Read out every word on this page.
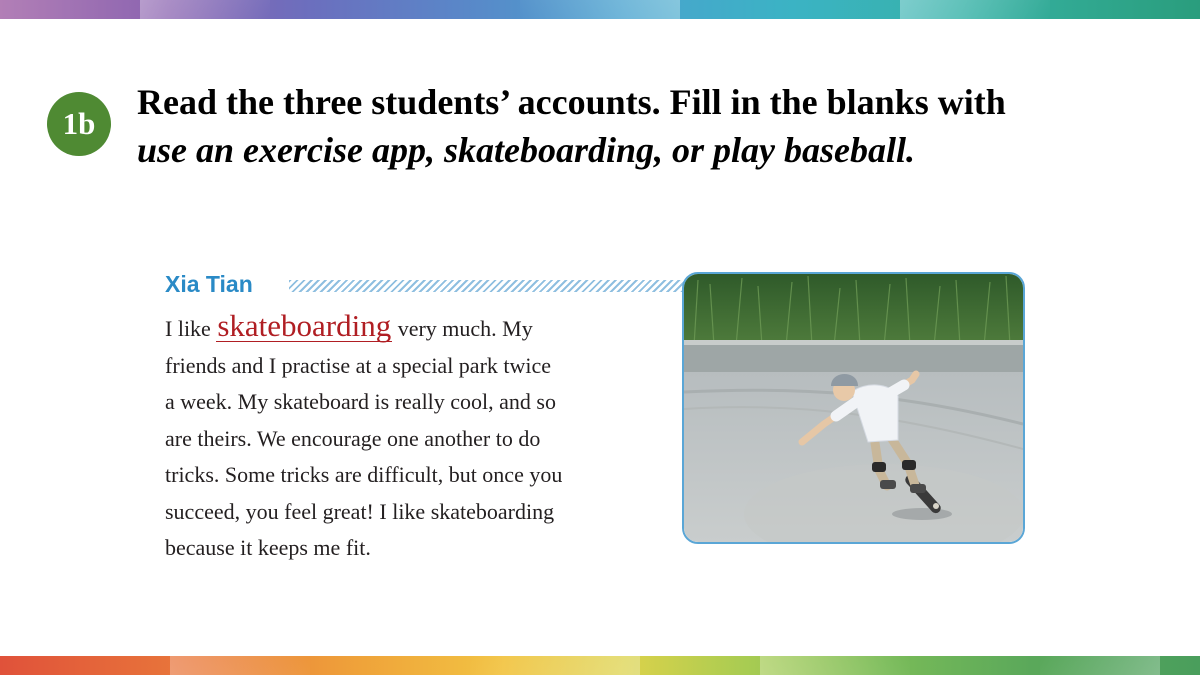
1b
Read the three students’ accounts. Fill in the blanks with
use an exercise app, skateboarding, or play baseball.
Xia Tian
I like skateboarding very much. My
friends and I practise at a special park twice
a week. My skateboard is really cool, and so
are theirs. We encourage one another to do
tricks. Some tricks are difficult, but once you
succeed, you feel great! I like skateboarding
because it keeps me fit.
